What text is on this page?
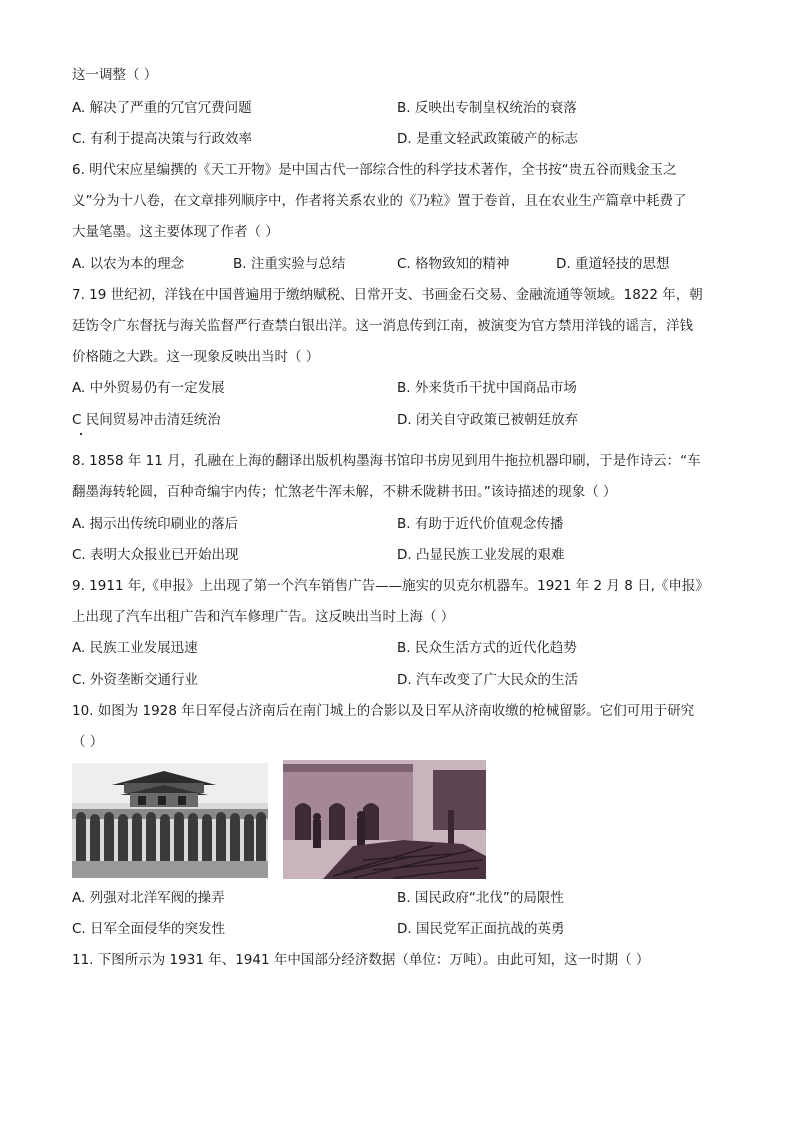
这一调整（ ）
A. 解决了严重的冗官冗费问题	B. 反映出专制皇权统治的衰落
C. 有利于提高决策与行政效率	D. 是重文轻武政策破产的标志
6. 明代宋应星编撰的《天工开物》是中国古代一部综合性的科学技术著作，全书按“贵五谷而贱金玉之
义”分为十八卷，在文章排列顺序中，作者将关系农业的《乃粒》置于卷首，且在农业生产篇章中耗费了
大量笔墨。这主要体现了作者（ ）
A. 以农为本的理念	B. 注重实验与总结	C. 格物致知的精神	D. 重道轻技的思想
7. 19 世纪初，洋钱在中国普遍用于缴纳赋税、日常开支、书画金石交易、金融流通等领域。1822 年，朝
廷饬令广东督抚与海关监督严行查禁白银出洋。这一消息传到江南，被演变为官方禁用洋钱的谣言，洋钱
价格随之大跌。这一现象反映出当时（ ）
A. 中外贸易仍有一定发展	B. 外来货币干扰中国商品市场
C 民间贸易冲击清廷统治	D. 闭关自守政策已被朝廷放弃
8. 1858 年 11 月，孔融在上海的翻译出版机构墨海书馆印书房见到用牛拖拉机器印刷，于是作诗云：“车
翻墨海转轮圆，百种奇编宇内传；忙煞老牛浑未解，不耕禾陇耕书田。”该诗描述的现象（ ）
A. 揭示出传统印刷业的落后	B. 有助于近代价值观念传播
C. 表明大众报业已开始出现	D. 凸显民族工业发展的艰难
9. 1911 年,《申报》上出现了第一个汽车销售广告——施实的贝克尔机器车。1921 年 2 月 8 日,《申报》
上出现了汽车出租广告和汽车修理广告。这反映出当时上海（ ）
A. 民族工业发展迅速	B. 民众生活方式的近代化趋势
C. 外资垄断交通行业	D. 汽车改变了广大民众的生活
10. 如图为 1928 年日军侵占济南后在南门城上的合影以及日军从济南收缴的枪械留影。它们可用于研究
（ ）
A. 列强对北洋军阀的操弄	B. 国民政府“北伐”的局限性
C. 日军全面侵华的突发性	D. 国民党军正面抗战的英勇
11. 下图所示为 1931 年、1941 年中国部分经济数据（单位：万吨）。由此可知，这一时期（ ）
